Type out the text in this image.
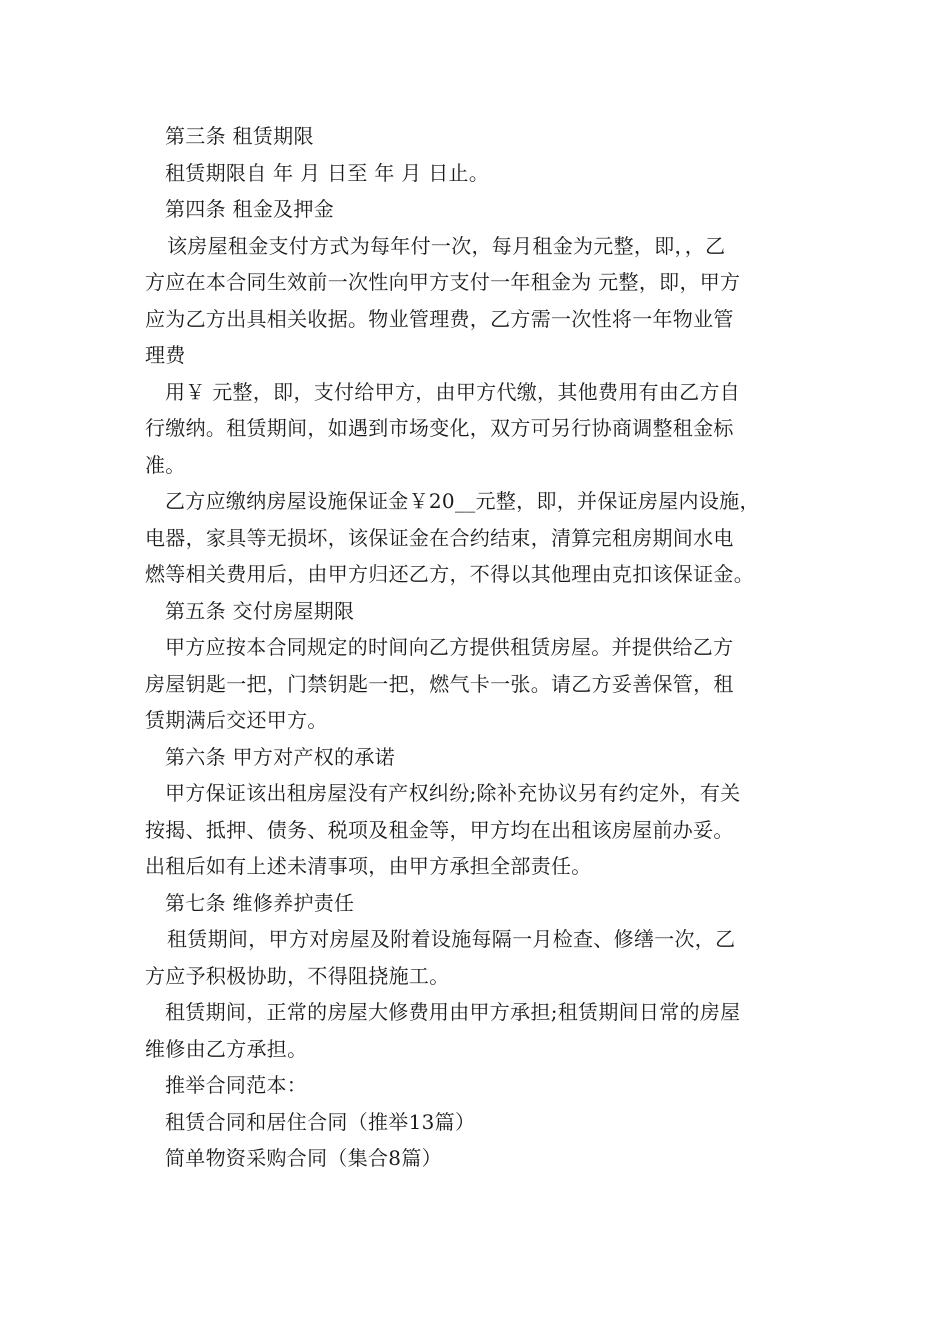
第三条 租赁期限
租赁期限自 年 月 日至 年 月 日止。
第四条 租金及押金
该房屋租金支付方式为每年付一次，每月租金为元整，即，，乙
方应在本合同生效前一次性向甲方支付一年租金为 元整，即，甲方
应为乙方出具相关收据。物业管理费，乙方需一次性将一年物业管
理费
用￥ 元整，即，支付给甲方，由甲方代缴，其他费用有由乙方自
行缴纳。租赁期间，如遇到市场变化，双方可另行协商调整租金标
准。
乙方应缴纳房屋设施保证金￥20__元整，即，并保证房屋内设施，
电器，家具等无损坏，该保证金在合约结束，清算完租房期间水电
燃等相关费用后，由甲方归还乙方，不得以其他理由克扣该保证金。
第五条 交付房屋期限
甲方应按本合同规定的时间向乙方提供租赁房屋。并提供给乙方
房屋钥匙一把，门禁钥匙一把，燃气卡一张。请乙方妥善保管，租
赁期满后交还甲方。
第六条 甲方对产权的承诺
甲方保证该出租房屋没有产权纠纷;除补充协议另有约定外，有关
按揭、抵押、债务、税项及租金等，甲方均在出租该房屋前办妥。
出租后如有上述未清事项，由甲方承担全部责任。
第七条 维修养护责任
租赁期间，甲方对房屋及附着设施每隔一月检查、修缮一次，乙
方应予积极协助，不得阻挠施工。
租赁期间，正常的房屋大修费用由甲方承担;租赁期间日常的房屋
维修由乙方承担。
推举合同范本：
租赁合同和居住合同（推举13篇）
简单物资采购合同（集合8篇）
